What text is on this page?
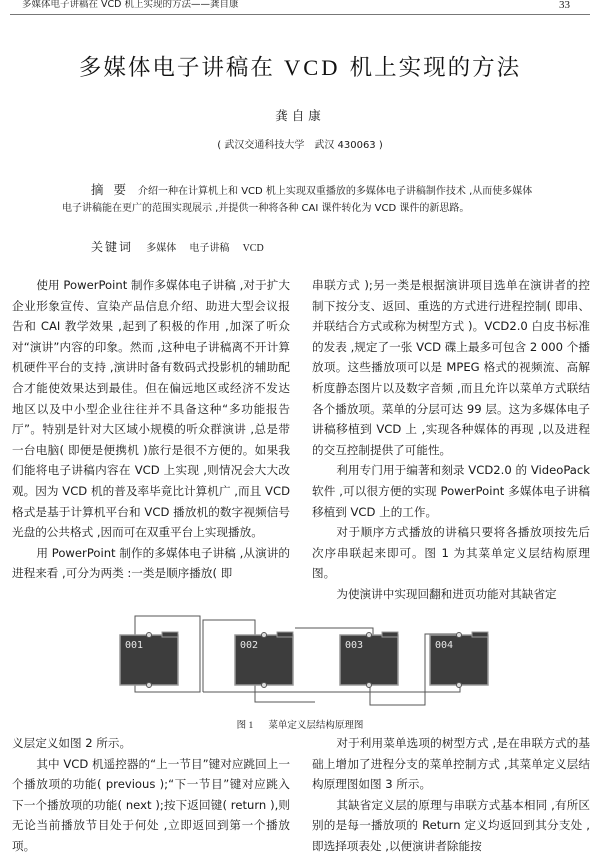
多媒体电子讲稿在 VCD 机上实现的方法——龚自康	33
多媒体电子讲稿在 VCD 机上实现的方法
龚自康
( 武汉交通科技大学　武汉 430063 )
摘要 介绍一种在计算机上和 VCD 机上实现双重播放的多媒体电子讲稿制作技术 ,从而使多媒体电子讲稿能在更广的范围实现展示 ,并提供一种将各种 CAI 课件转化为 VCD 课件的新思路。
关键词 多媒体 电子讲稿 VCD

使用 PowerPoint 制作多媒体电子讲稿 ,对于扩大企业形象宣传、宣染产品信息介绍、助进大型会议报告和 CAI 教学效果 ,起到了积极的作用 ,加深了听众对“演讲”内容的印象。然而 ,这种电子讲稿离不开计算机硬件平台的支持 ,演讲时备有数码式投影机的辅助配合才能使效果达到最佳。但在偏远地区或经济不发达地区以及中小型企业往往并不具备这种“多功能报告厅”。特别是针对大区域小规模的听众群演讲 ,总是带一台电脑( 即便是便携机 )旅行是很不方便的。如果我们能将电子讲稿内容在 VCD 上实现 ,则情况会大大改观。因为 VCD 机的普及率毕竟比计算机广 ,而且 VCD 格式是基于计算机平台和 VCD 播放机的数字视频信号光盘的公共格式 ,因而可在双重平台上实现播放。

用 PowerPoint 制作的多媒体电子讲稿 ,从演讲的进程来看 ,可分为两类 :一类是顺序播放( 即

串联方式 );另一类是根据演讲项目选单在演讲者的控制下按分支、返回、重选的方式进行进程控制( 即串、并联结合方式或称为树型方式 )。VCD2.0 白皮书标准的发表 ,规定了一张 VCD 碟上最多可包含 2 000 个播放项。这些播放项可以是 MPEG 格式的视频流、高解析度静态图片以及数字音频 ,而且允许以菜单方式联结各个播放项。菜单的分层可达 99 层。这为多媒体电子讲稿移植到 VCD 上 ,实现各种媒体的再现 ,以及进程的交互控制提供了可能性。

利用专门用于编著和刻录 VCD2.0 的 VideoPack 软件 ,可以很方便的实现 PowerPoint 多媒体电子讲稿移植到 VCD 上的工作。

对于顺序方式播放的讲稿只要将各播放项按先后次序串联起来即可。图 1 为其菜单定义层结构原理图。

为使演讲中实现回翻和进页功能对其缺省定

001	002	003	004
图 1 菜单定义层结构原理图

义层定义如图 2 所示。

其中 VCD 机遥控器的“上一节目”键对应跳回上一个播放项的功能( previous );“下一节目”键对应跳入下一个播放项的功能( next );按下返回键( return ),则无论当前播放节目处于何处 ,立即返回到第一个播放项。

对于利用菜单选项的树型方式 ,是在串联方式的基础上增加了进程分支的菜单控制方式 ,其菜单定义层结构原理图如图 3 所示。

其缺省定义层的原理与串联方式基本相同 ,有所区别的是每一播放项的 Return 定义均返回到其分支处 ,即选择项表处 ,以便演讲者除能按
